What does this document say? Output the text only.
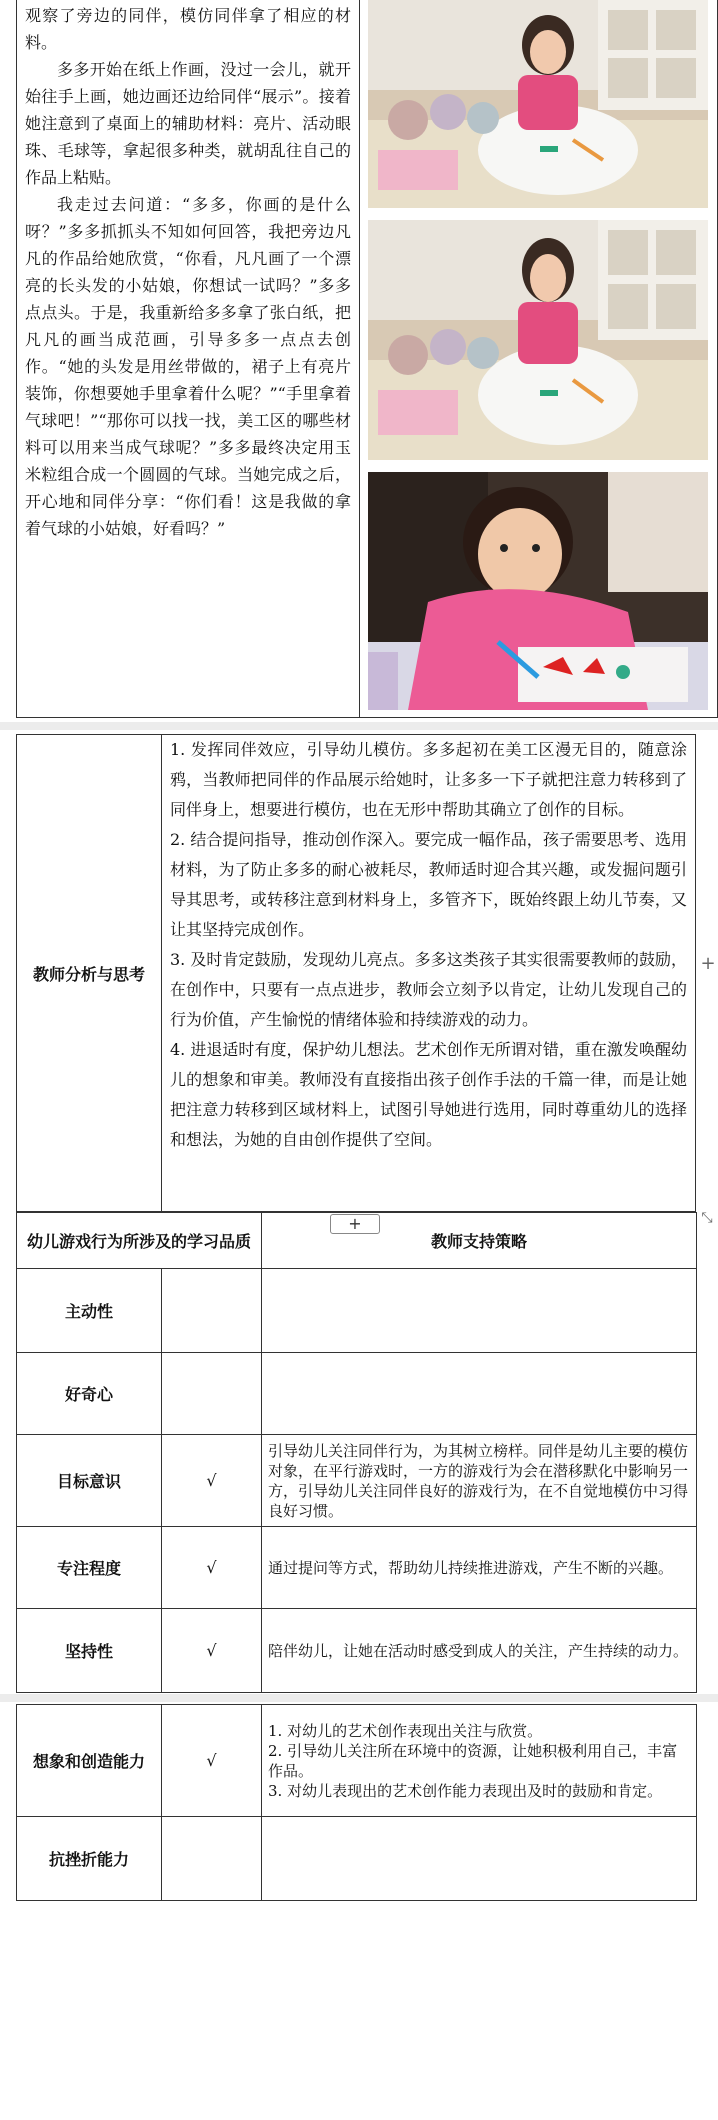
观察了旁边的同伴，模仿同伴拿了相应的材料。

多多开始在纸上作画，没过一会儿，就开始往手上画，她边画还边给同伴“展示”。接着她注意到了桌面上的辅助材料：亮片、活动眼珠、毛球等，拿起很多种类，就胡乱往自己的作品上粘贴。

我走过去问道：“多多，你画的是什么呀？”多多抓抓头不知如何回答，我把旁边凡凡的作品给她欣赏，“你看，凡凡画了一个漂亮的长头发的小姑娘，你想试一试吗？”多多点点头。于是，我重新给多多拿了张白纸，把凡凡的画当成范画，引导多多一点点去创作。“她的头发是用丝带做的，裙子上有亮片装饰，你想要她手里拿着什么呢？”“手里拿着气球吧！”“那你可以找一找，美工区的哪些材料可以用来当成气球呢？”多多最终决定用玉米粒组合成一个圆圆的气球。当她完成之后，开心地和同伴分享：“你们看！这是我做的拿着气球的小姑娘，好看吗？”

教师分析与思考

1. 发挥同伴效应，引导幼儿模仿。多多起初在美工区漫无目的，随意涂鸦，当教师把同伴的作品展示给她时，让多多一下子就把注意力转移到了同伴身上，想要进行模仿，也在无形中帮助其确立了创作的目标。

2. 结合提问指导，推动创作深入。要完成一幅作品，孩子需要思考、选用材料，为了防止多多的耐心被耗尽，教师适时迎合其兴趣，或发掘问题引导其思考，或转移注意到材料身上，多管齐下，既始终跟上幼儿节奏，又让其坚持完成创作。

3. 及时肯定鼓励，发现幼儿亮点。多多这类孩子其实很需要教师的鼓励，在创作中，只要有一点点进步，教师会立刻予以肯定，让幼儿发现自己的行为价值，产生愉悦的情绪体验和持续游戏的动力。

4. 进退适时有度，保护幼儿想法。艺术创作无所谓对错，重在激发唤醒幼儿的想象和审美。教师没有直接指出孩子创作手法的千篇一律，而是让她把注意力转移到区域材料上，试图引导她进行选用，同时尊重幼儿的选择和想法，为她的自由创作提供了空间。

+
幼儿游戏行为所涉及的学习品质		教师支持策略
主动性		
好奇心		
目标意识	√	引导幼儿关注同伴行为，为其树立榜样。同伴是幼儿主要的模仿对象，在平行游戏时，一方的游戏行为会在潜移默化中影响另一方，引导幼儿关注同伴良好的游戏行为，在不自觉地模仿中习得良好习惯。
专注程度	√	通过提问等方式，帮助幼儿持续推进游戏，产生不断的兴趣。
坚持性	√	陪伴幼儿，让她在活动时感受到成人的关注，产生持续的动力。
+	⤡
想象和创造能力	√	1. 对幼儿的艺术创作表现出关注与欣赏。
2. 引导幼儿关注所在环境中的资源，让她积极利用自己，丰富作品。
3. 对幼儿表现出的艺术创作能力表现出及时的鼓励和肯定。

抗挫折能力		
